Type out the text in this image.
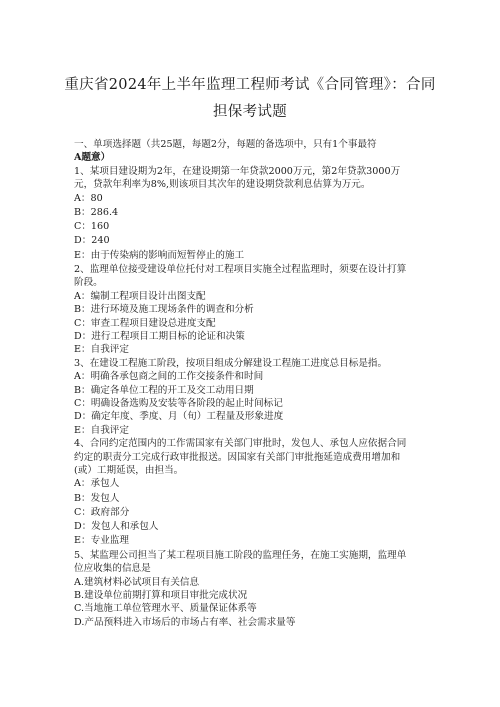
重庆省2024年上半年监理工程师考试《合同管理》：合同
担保考试题
一、单项选择题（共25题，每题2分，每题的备选项中，只有1个事最符
A题意）
1、某项目建设期为2年，在建设期第一年贷款2000万元，第2年贷款3000万
元，贷款年利率为8%,则该项目其次年的建设期贷款利息估算为万元。
A：80
B：286.4
C：160
D：240
E：由于传染病的影响而短暂停止的施工
2、监理单位接受建设单位托付对工程项目实施全过程监理时，须要在设计打算
阶段。
A：编制工程项目设计出图支配
B：进行环境及施工现场条件的调查和分析
C：审查工程项目建设总进度支配
D：进行工程项目工期目标的论证和决策
E：自我评定
3、在建设工程施工阶段，按项目组成分解建设工程施工进度总目标是指。
A：明确各承包商之间的工作交接条件和时间
B：确定各单位工程的开工及交工动用日期
C：明确设备选购及安装等各阶段的起止时间标记
D：确定年度、季度、月（旬）工程量及形象进度
E：自我评定
4、合同约定范围内的工作需国家有关部门审批时，发包人、承包人应依据合同
约定的职责分工完成行政审批报送。因国家有关部门审批拖延造成费用增加和
(或）工期延误，由担当。
A：承包人
B：发包人
C：政府部分
D：发包人和承包人
E：专业监理
5、某监理公司担当了某工程项目施工阶段的监理任务，在施工实施期，监理单
位应收集的信息是
A.建筑材料必试项目有关信息
B.建设单位前期打算和项目审批完成状况
C.当地施工单位管理水平、质量保证体系等
D.产品预料进入市场后的市场占有率、社会需求量等
